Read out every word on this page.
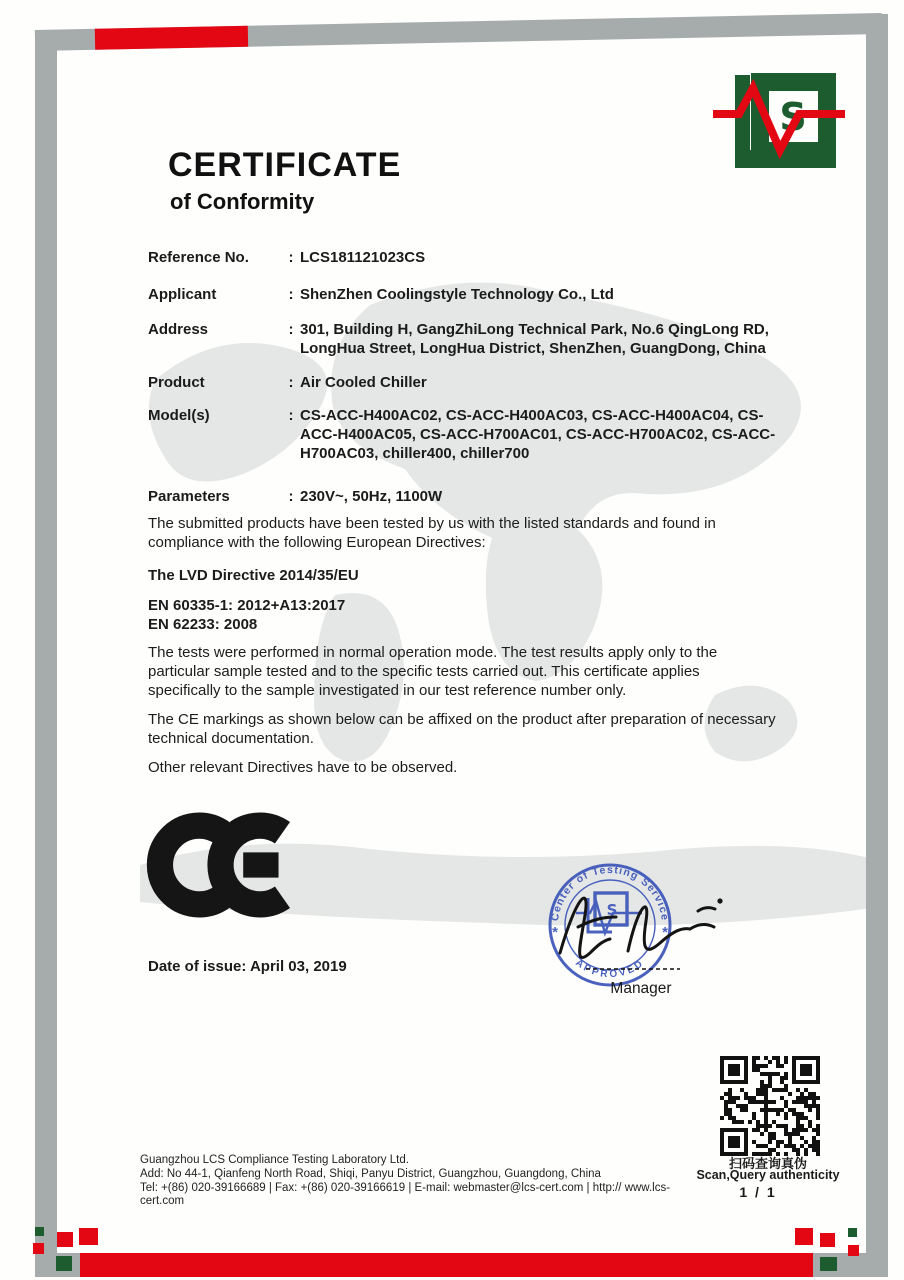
S
CERTIFICATE
of Conformity
Reference No.	: LCS181121023CS
Applicant	: ShenZhen Coolingstyle Technology Co., Ltd
Address	: 301, Building H, GangZhiLong Technical Park, No.6 QingLong RD, LongHua Street, LongHua District, ShenZhen, GuangDong, China
Product	: Air Cooled Chiller
Model(s)	: CS-ACC-H400AC02, CS-ACC-H400AC03, CS-ACC-H400AC04, CS-ACC-H400AC05, CS-ACC-H700AC01, CS-ACC-H700AC02, CS-ACC-H700AC03, chiller400, chiller700
Parameters	: 230V~, 50Hz, 1100W
The submitted products have been tested by us with the listed standards and found in compliance with the following European Directives:
The LVD Directive 2014/35/EU
EN 60335-1: 2012+A13:2017
EN 62233: 2008
The tests were performed in normal operation mode. The test results apply only to the particular sample tested and to the specific tests carried out. This certificate applies specifically to the sample investigated in our test reference number only.
The CE markings as shown below can be affixed on the product after preparation of necessary technical documentation.
Other relevant Directives have to be observed.
Date of issue: April 03, 2019
Center of Testing Service
APPROVED
*	*
S
Manager
扫码查询真伪
Scan,Query authenticity
1 / 1
Guangzhou LCS Compliance Testing Laboratory Ltd.
Add: No 44-1, Qianfeng North Road, Shiqi, Panyu District, Guangzhou, Guangdong, China
Tel: +(86) 020-39166689 | Fax: +(86) 020-39166619 | E-mail: webmaster@lcs-cert.com | http:// www.lcs-cert.com
